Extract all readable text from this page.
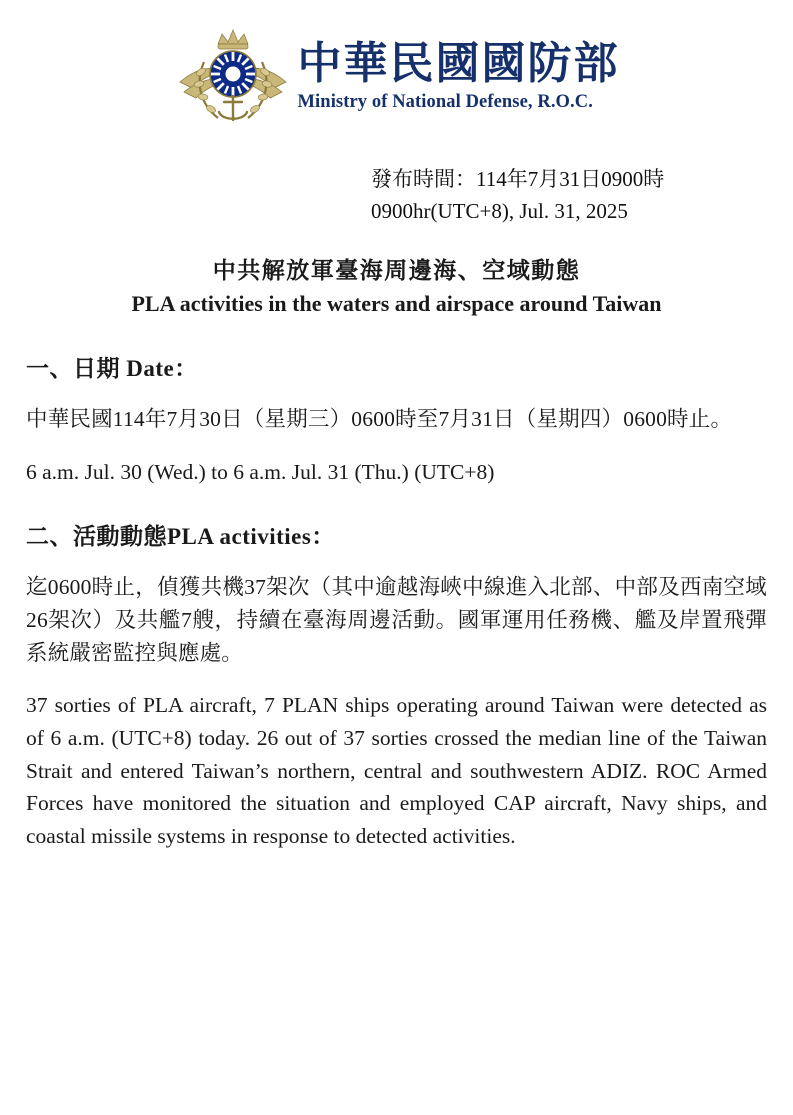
中華民國國防部
Ministry of National Defense, R.O.C.
發布時間：114年7月31日0900時
0900hr(UTC+8), Jul. 31, 2025
中共解放軍臺海周邊海、空域動態
PLA activities in the waters and airspace around Taiwan
一、日期 Date：

中華民國114年7月30日（星期三）0600時至7月31日（星期四）0600時止。

6 a.m. Jul. 30 (Wed.) to 6 a.m. Jul. 31 (Thu.) (UTC+8)

二、活動動態PLA activities：

迄0600時止，偵獲共機37架次（其中逾越海峽中線進入北部、中部及西南空域26架次）及共艦7艘，持續在臺海周邊活動。國軍運用任務機、艦及岸置飛彈系統嚴密監控與應處。

37 sorties of PLA aircraft, 7 PLAN ships operating around Taiwan were detected as of 6 a.m. (UTC+8) today. 26 out of 37 sorties crossed the median line of the Taiwan Strait and entered Taiwan’s northern, central and southwestern ADIZ. ROC Armed Forces have monitored the situation and employed CAP aircraft, Navy ships, and coastal missile systems in response to detected activities.
